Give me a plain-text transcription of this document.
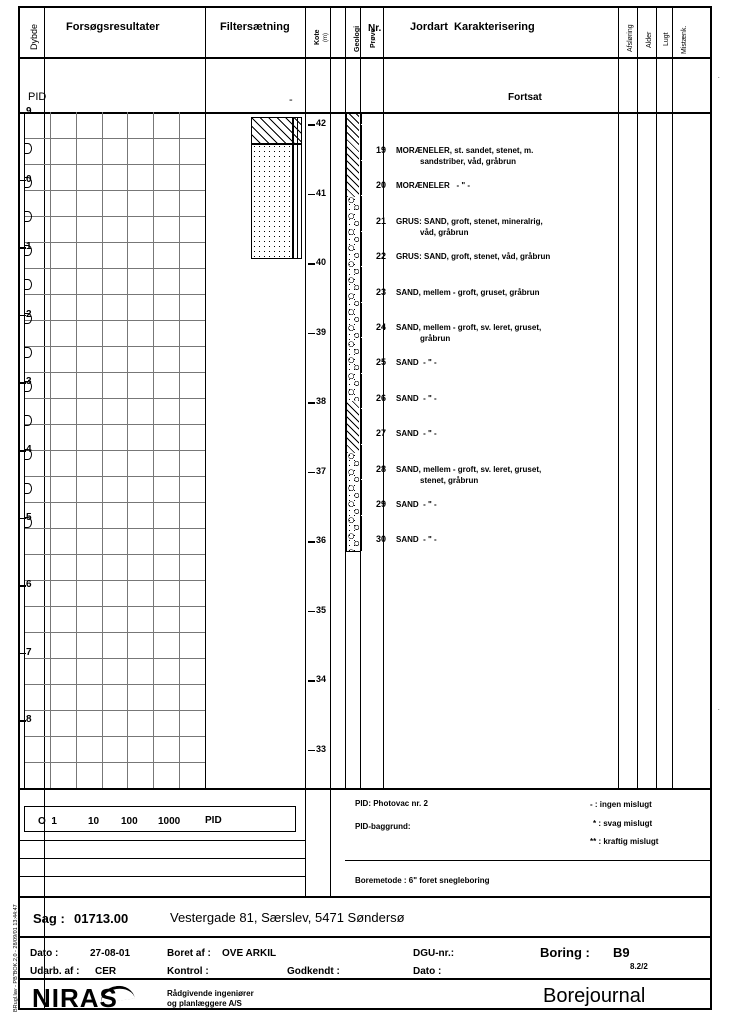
Dybde Forsøgsresultater	Filtersætning
Kote (m)	Geologi Prøve
Nr.	Jordart  Karakterisering	Afsløring Alder Lugt Mistænk.
PID	Fortsat
-
9
0
1
2
3
4
5
6
7
8
42
41
40
39
38
37
36
35
34
33
19 MORÆNELER, st. sandet, stenet, m.
sandstriber, våd, gråbrun
20 MORÆNELER   - " -
21 GRUS: SAND, groft, stenet, mineralrig,
våd, gråbrun
22 GRUS: SAND, groft, stenet, våd, gråbrun
23 SAND, mellem - groft, gruset, gråbrun
24 SAND, mellem - groft, sv. leret, gruset,
gråbrun
25 SAND  - " -
26 SAND  - " -
27 SAND  - " -
28 SAND, mellem - groft, sv. leret, gruset,
stenet, gråbrun
29 SAND  - " -
30 SAND  - " -
O  1	10 100 1000 PID
PID: Photovac nr. 2
PID-baggrund:
- : ingen mislugt
* : svag mislugt
** : kraftig mislugt
Boremetode : 6" foret snegleboring
Sag : 01713.00	Vestergade 81, Særslev, 5471 Søndersø
Dato :	27-08-01	Boret af : OVE ARKIL	DGU-nr.:	Boring : B9
Udarb. af : CER	Kontrol :	Godkendt :	Dato :	8.2/2
NIRAS	Rådgivende ingeniører
og planlæggere A/S	Borejournal
BRugl.lav - PB"BOK.2,0 - 28/09/01 13:44:47
.
.
